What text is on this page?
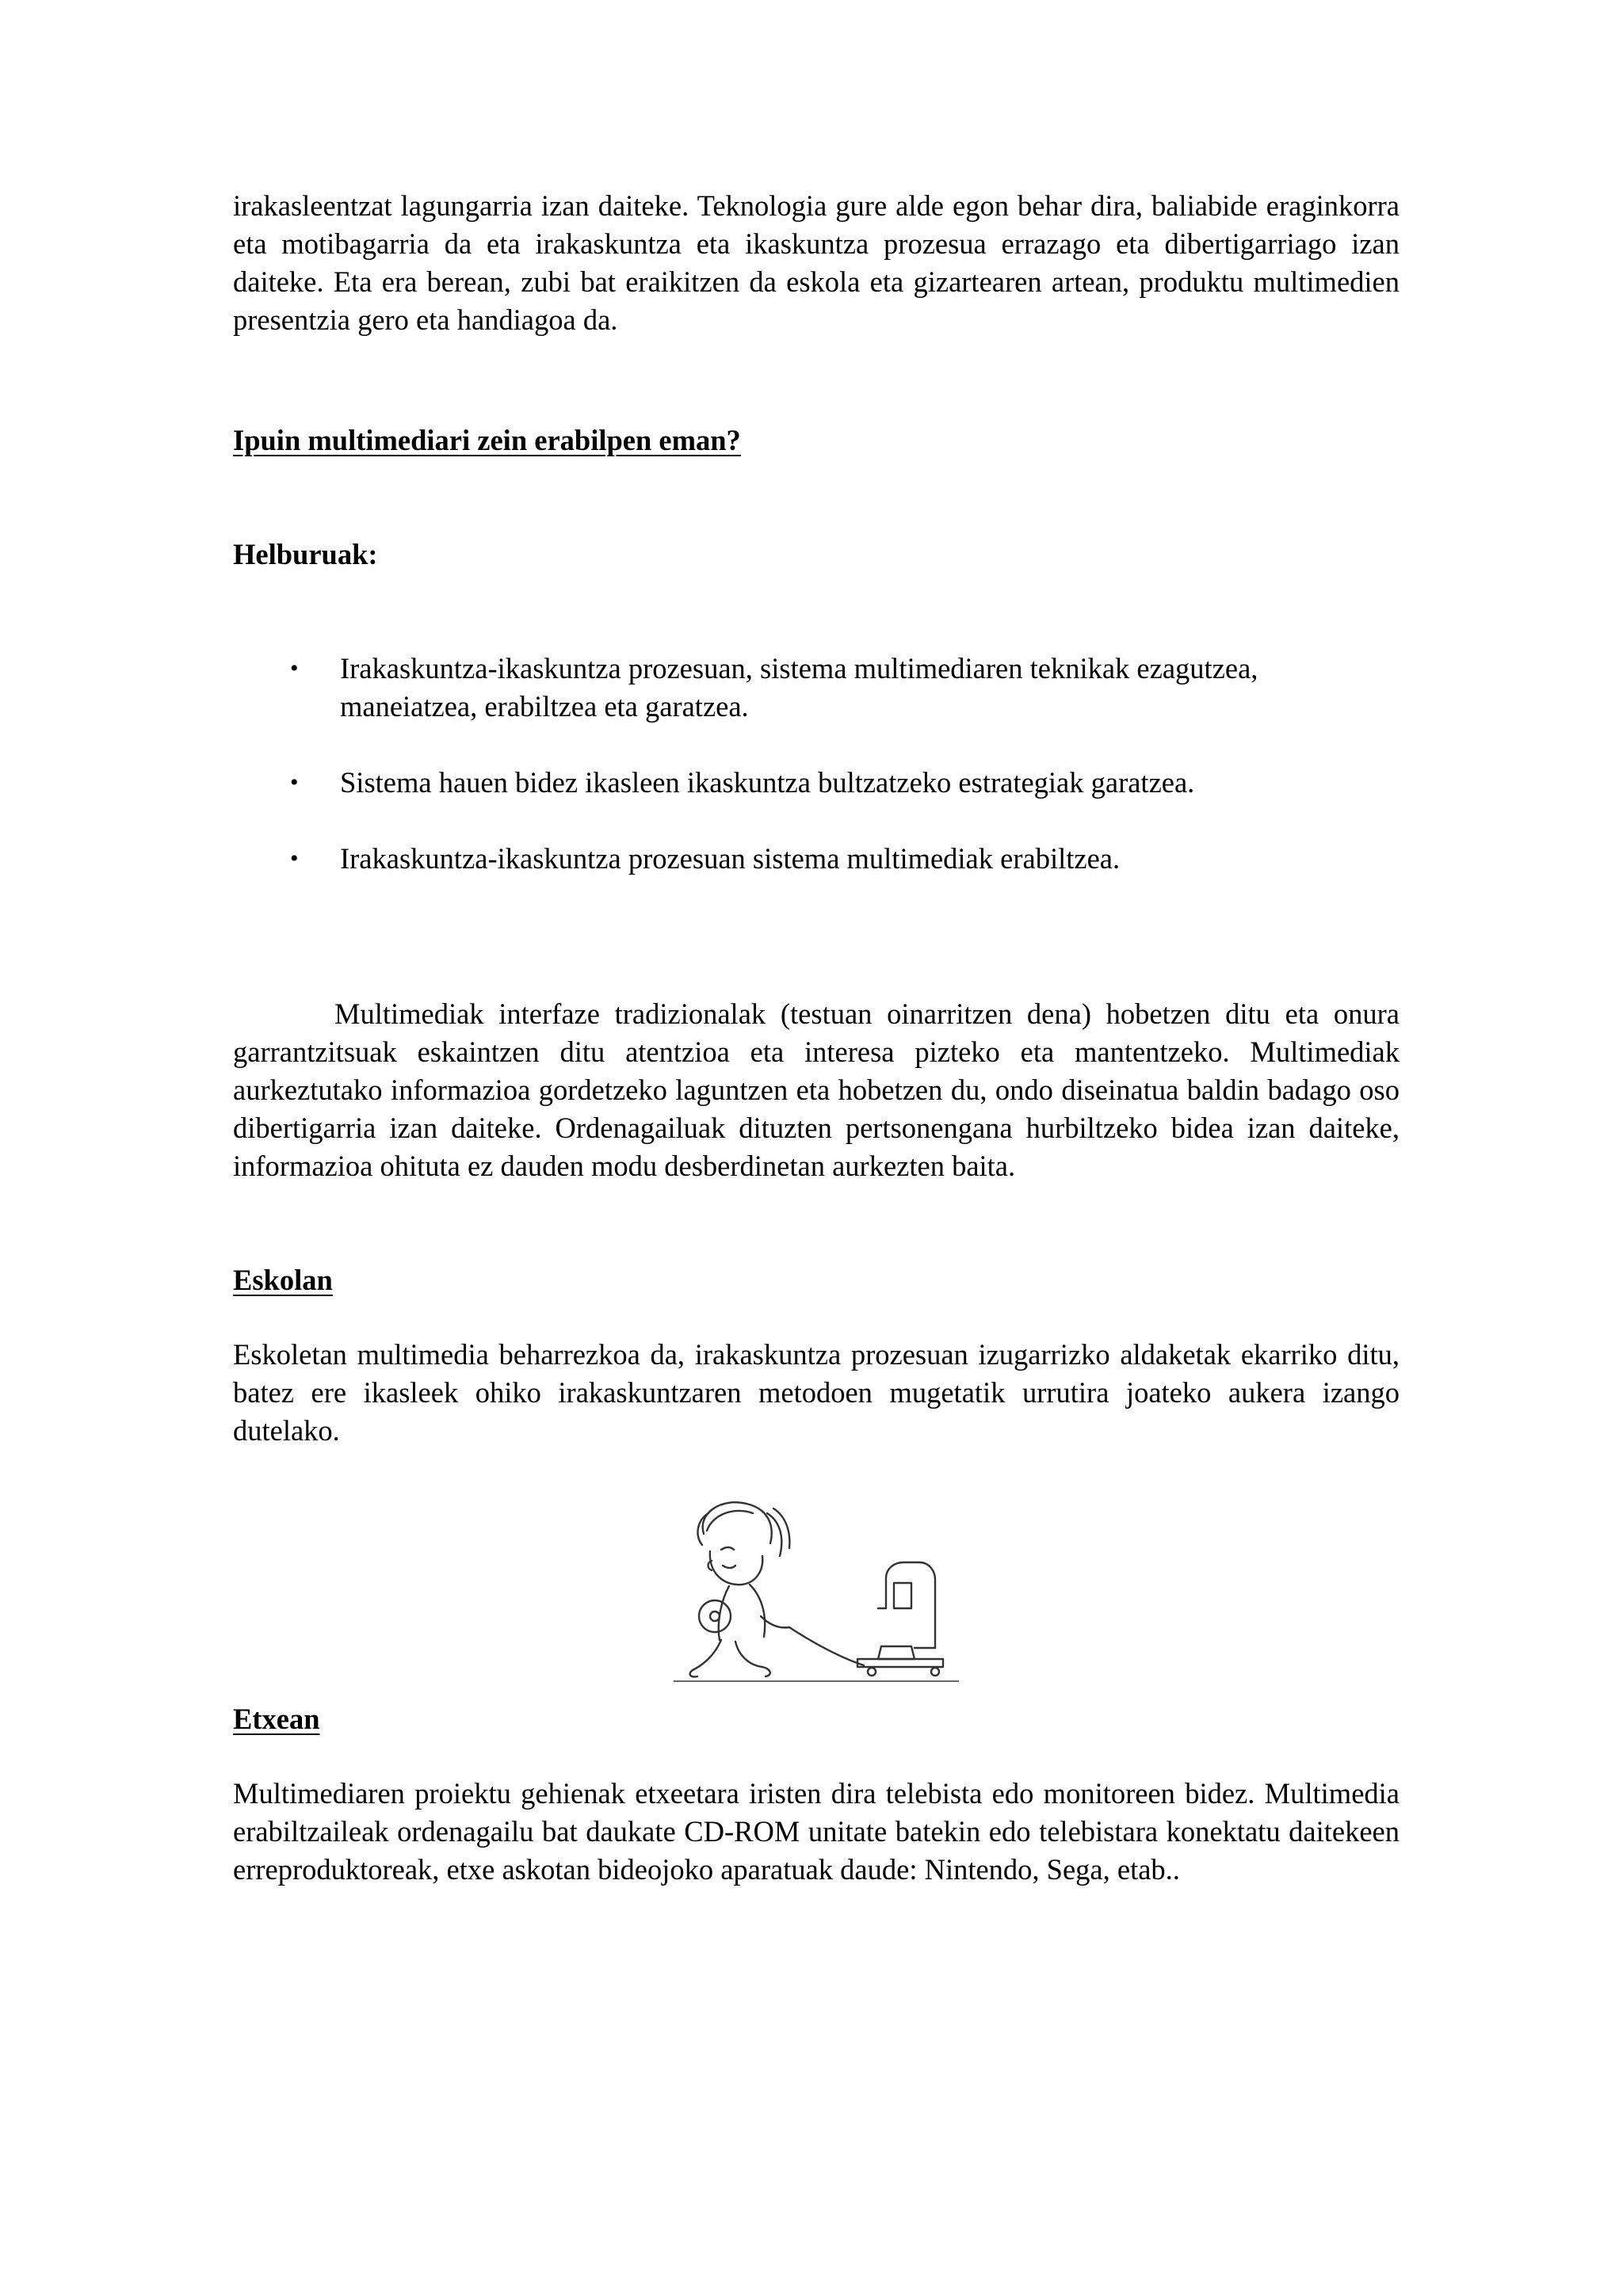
irakasleentzat lagungarria izan daiteke. Teknologia gure alde egon behar dira, baliabide eraginkorra eta motibagarria da eta irakaskuntza eta ikaskuntza prozesua errazago eta dibertigarriago izan daiteke. Eta era berean, zubi bat eraikitzen da eskola eta gizartearen artean, produktu multimedien presentzia gero eta handiagoa da.

Ipuin multimediari zein erabilpen eman?
Helburuak:
• Irakaskuntza-ikaskuntza prozesuan, sistema multimediaren teknikak ezagutzea, maneiatzea, erabiltzea eta garatzea.
• Sistema hauen bidez ikasleen ikaskuntza bultzatzeko estrategiak garatzea.
• Irakaskuntza-ikaskuntza prozesuan sistema multimediak erabiltzea.

Multimediak interfaze tradizionalak (testuan oinarritzen dena) hobetzen ditu eta onura garrantzitsuak eskaintzen ditu atentzioa eta interesa pizteko eta mantentzeko. Multimediak aurkeztutako informazioa gordetzeko laguntzen eta hobetzen du, ondo diseinatua baldin badago oso dibertigarria izan daiteke. Ordenagailuak dituzten pertsonengana hurbiltzeko bidea izan daiteke, informazioa ohituta ez dauden modu desberdinetan aurkezten baita.

Eskolan

Eskoletan multimedia beharrezkoa da, irakaskuntza prozesuan izugarrizko aldaketak ekarriko ditu, batez ere ikasleek ohiko irakaskuntzaren metodoen mugetatik urrutira joateko aukera izango dutelako.

Etxean

Multimediaren proiektu gehienak etxeetara iristen dira telebista edo monitoreen bidez. Multimedia erabiltzaileak ordenagailu bat daukate CD-ROM unitate batekin edo telebistara konektatu daitekeen erreproduktoreak, etxe askotan bideojoko aparatuak daude: Nintendo, Sega, etab..
